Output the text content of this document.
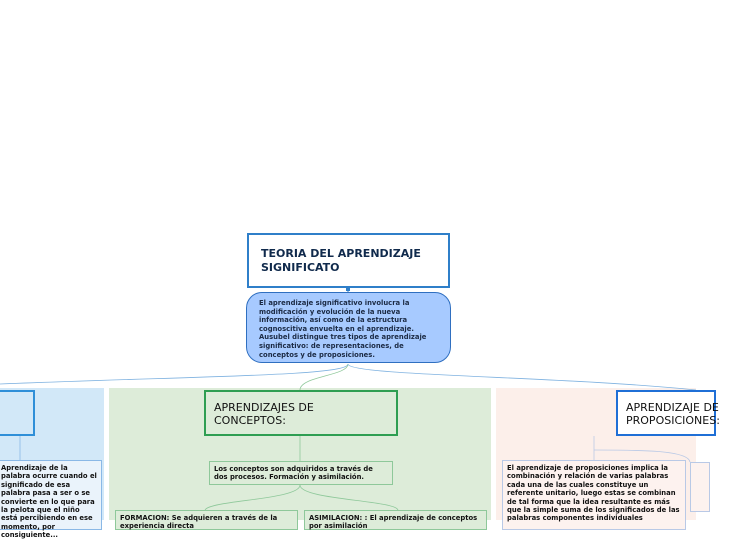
TEORIA DEL APRENDIZAJE SIGNIFICATO
El aprendizaje significativo involucra la modificación y evolución de la nueva información, así como de la estructura cognoscitiva envuelta en el aprendizaje. Ausubel distingue tres tipos de aprendizaje significativo: de representaciones, de conceptos y de proposiciones.
Aprendizaje de la palabra ocurre cuando el significado de esa palabra pasa a ser o se convierte en lo que para la pelota que el niño está percibiendo en ese momento, por consiguiente...
APRENDIZAJES DE CONCEPTOS:
Los conceptos son adquiridos a través de dos procesos. Formación y asimilación.
FORMACION: Se adquieren a través de la experiencia directa
ASIMILACION: : El aprendizaje de conceptos por asimilación
APRENDIZAJE DE PROPOSICIONES:
El aprendizaje de proposiciones implica la combinación y relación de varias palabras cada una de las cuales constituye un referente unitario, luego estas se combinan de tal forma que la idea resultante es más que la simple suma de los significados de las palabras componentes individuales
